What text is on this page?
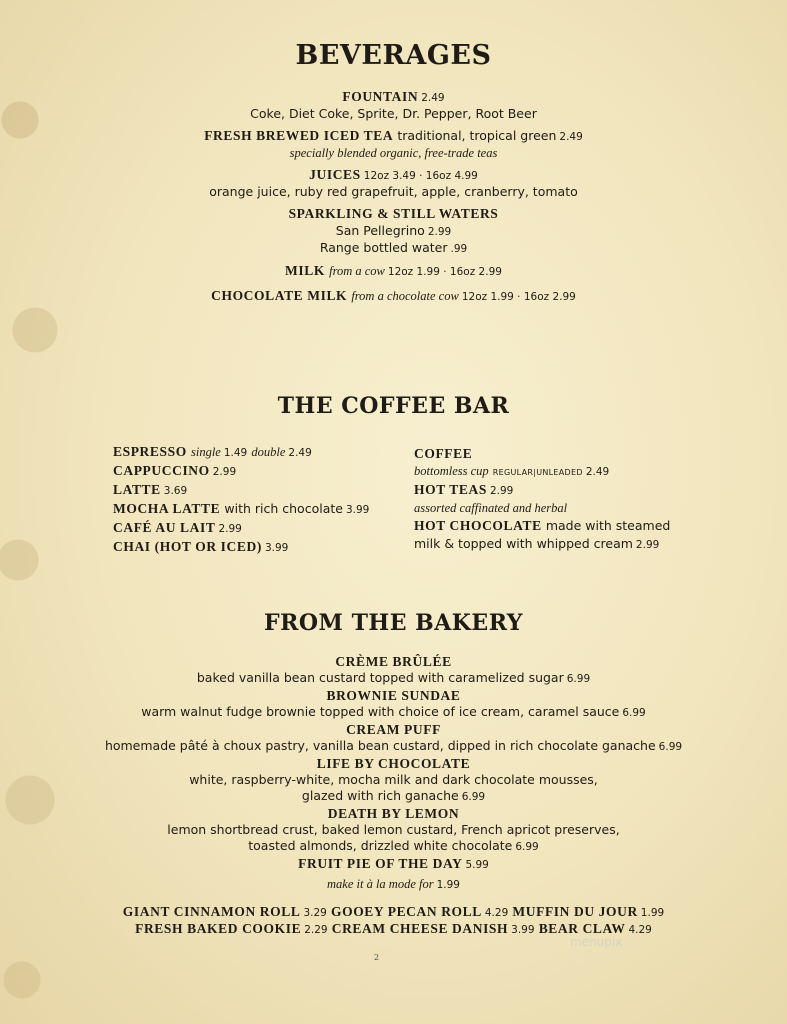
BEVERAGES
FOUNTAIN 2.49
Coke, Diet Coke, Sprite, Dr. Pepper, Root Beer
FRESH BREWED ICED TEA traditional, tropical green 2.49
specially blended organic, free-trade teas
JUICES 12oz 3.49 · 16oz 4.99
orange juice, ruby red grapefruit, apple, cranberry, tomato
SPARKLING & STILL WATERS
San Pellegrino 2.99
Range bottled water .99
MILK from a cow 12oz 1.99 · 16oz 2.99
CHOCOLATE MILK from a chocolate cow 12oz 1.99 · 16oz 2.99
THE COFFEE BAR
ESPRESSO single 1.49 double 2.49
CAPPUCCINO 2.99
LATTE 3.69
MOCHA LATTE with rich chocolate 3.99
CAFÉ AU LAIT 2.99
CHAI (HOT OR ICED) 3.99
COFFEE
bottomless cup REGULAR|UNLEADED 2.49
HOT TEAS 2.99
assorted caffinated and herbal
HOT CHOCOLATE made with steamed
milk & topped with whipped cream 2.99
FROM THE BAKERY
CRÈME BRÛLÉE
baked vanilla bean custard topped with caramelized sugar 6.99
BROWNIE SUNDAE
warm walnut fudge brownie topped with choice of ice cream, caramel sauce 6.99
CREAM PUFF
homemade pâté à choux pastry, vanilla bean custard, dipped in rich chocolate ganache 6.99
LIFE BY CHOCOLATE
white, raspberry-white, mocha milk and dark chocolate mousses,
glazed with rich ganache 6.99
DEATH BY LEMON
lemon shortbread crust, baked lemon custard, French apricot preserves,
toasted almonds, drizzled white chocolate 6.99
FRUIT PIE OF THE DAY 5.99
make it à la mode for 1.99
GIANT CINNAMON ROLL 3.29 GOOEY PECAN ROLL 4.29 MUFFIN DU JOUR 1.99
FRESH BAKED COOKIE 2.29 CREAM CHEESE DANISH 3.99 BEAR CLAW 4.29
menupix
2
